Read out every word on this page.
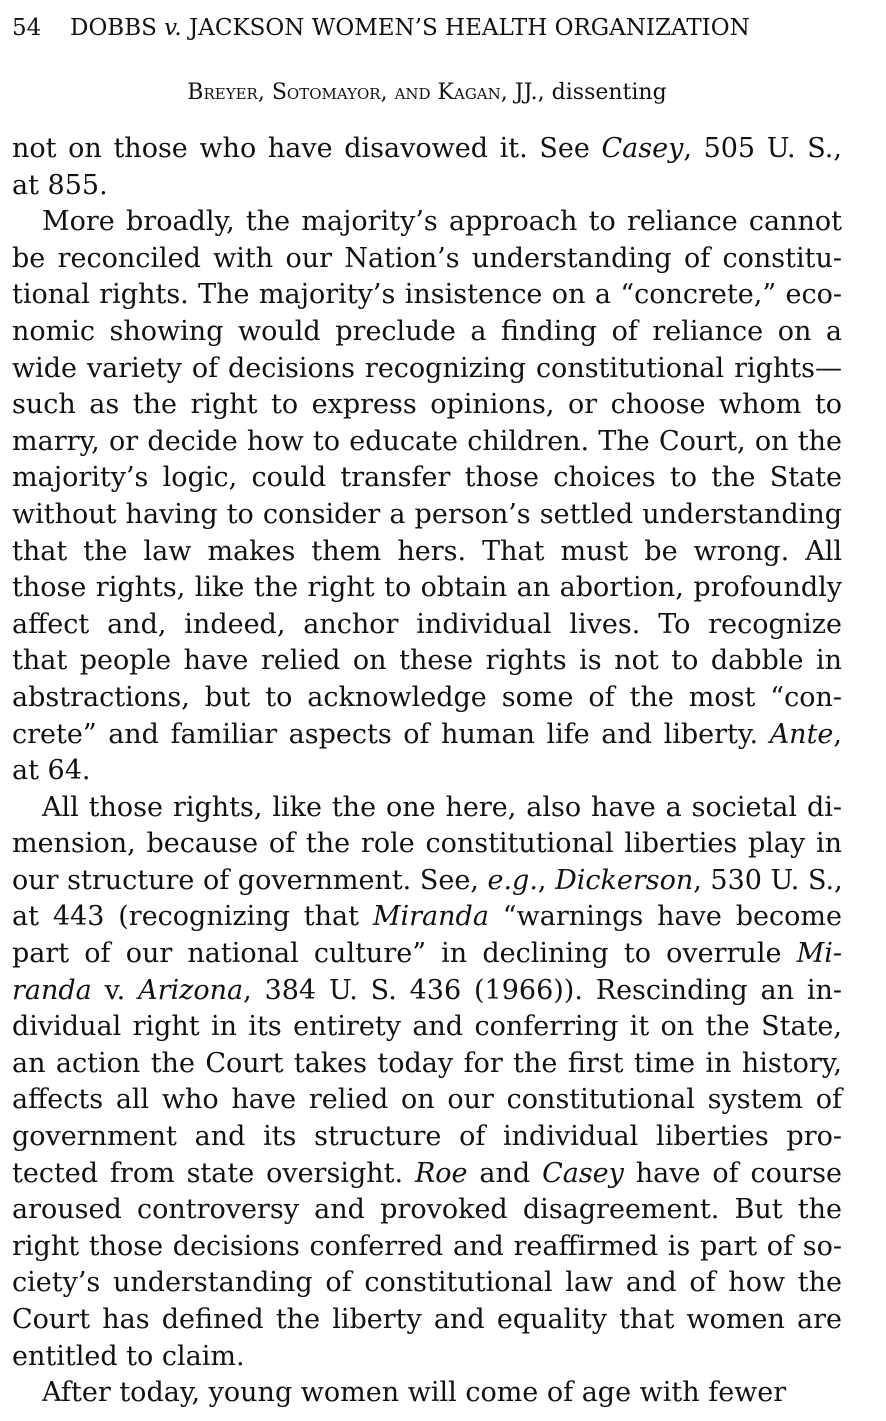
54 DOBBS v. JACKSON WOMEN’S HEALTH ORGANIZATION
Breyer, Sotomayor, and Kagan, JJ., dissenting
not on those who have disavowed it. See Casey, 505 U. S.,
at 855.
More broadly, the majority’s approach to reliance cannot
be reconciled with our Nation’s understanding of constitu-
tional rights. The majority’s insistence on a “concrete,” eco-
nomic showing would preclude a finding of reliance on a
wide variety of decisions recognizing constitutional rights—
such as the right to express opinions, or choose whom to
marry, or decide how to educate children. The Court, on the
majority’s logic, could transfer those choices to the State
without having to consider a person’s settled understanding
that the law makes them hers. That must be wrong. All
those rights, like the right to obtain an abortion, profoundly
affect and, indeed, anchor individual lives. To recognize
that people have relied on these rights is not to dabble in
abstractions, but to acknowledge some of the most “con-
crete” and familiar aspects of human life and liberty. Ante,
at 64.
All those rights, like the one here, also have a societal di-
mension, because of the role constitutional liberties play in
our structure of government. See, e.g., Dickerson, 530 U. S.,
at 443 (recognizing that Miranda “warnings have become
part of our national culture” in declining to overrule Mi-
randa v. Arizona, 384 U. S. 436 (1966)). Rescinding an in-
dividual right in its entirety and conferring it on the State,
an action the Court takes today for the first time in history,
affects all who have relied on our constitutional system of
government and its structure of individual liberties pro-
tected from state oversight. Roe and Casey have of course
aroused controversy and provoked disagreement. But the
right those decisions conferred and reaffirmed is part of so-
ciety’s understanding of constitutional law and of how the
Court has defined the liberty and equality that women are
entitled to claim.
After today, young women will come of age with fewer
